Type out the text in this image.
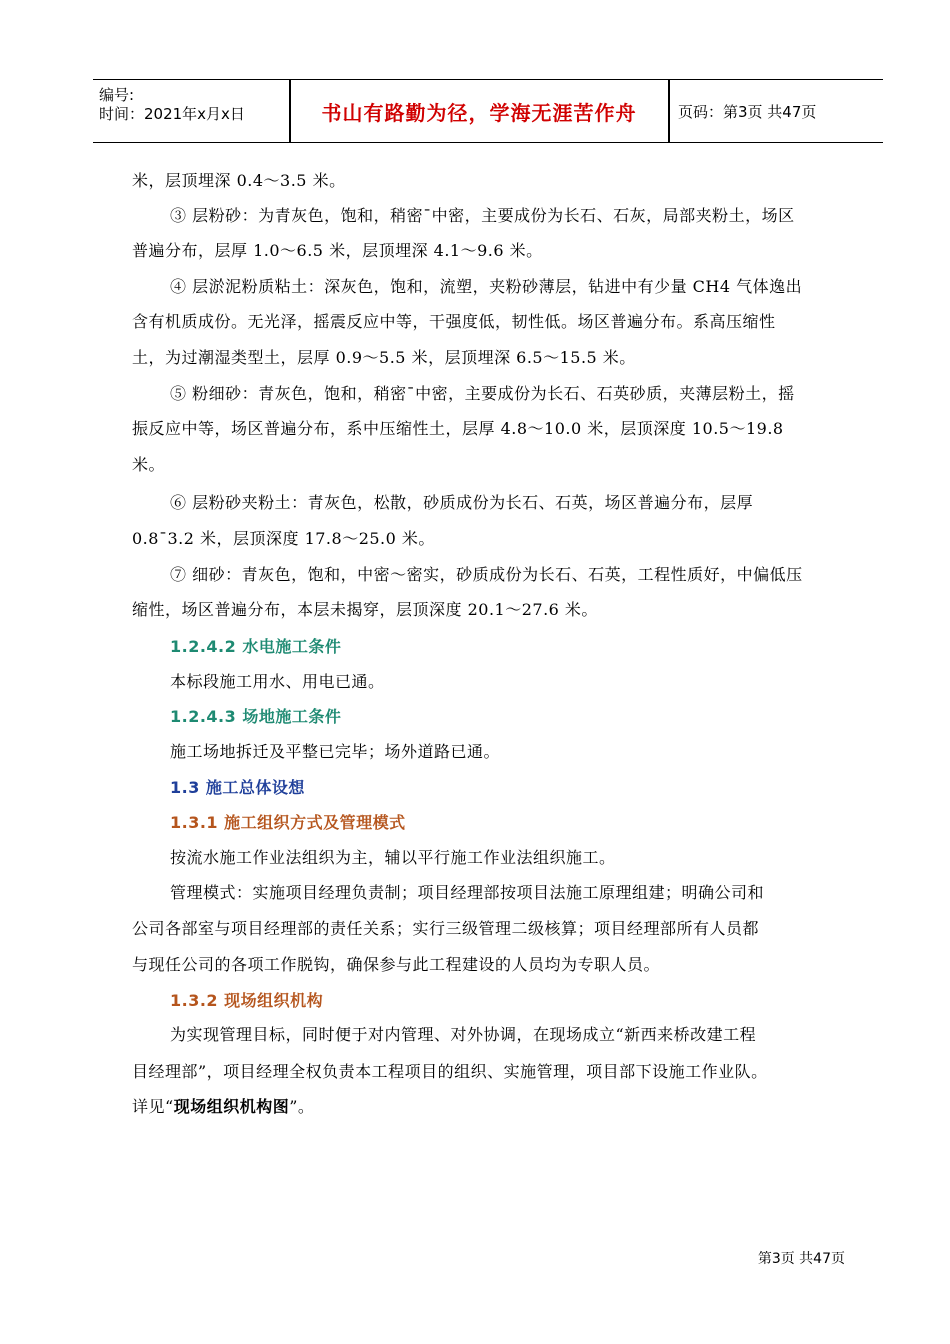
编号:
时间：2021年x月x日	书山有路勤为径，学海无涯苦作舟	页码：第3页 共47页
米，层顶埋深 0.4～3.5 米。
③ 层粉砂：为青灰色，饱和，稍密¯中密，主要成份为长石、石灰，局部夹粉土，场区
普遍分布，层厚 1.0～6.5 米，层顶埋深 4.1～9.6 米。
④ 层淤泥粉质粘土：深灰色，饱和，流塑，夹粉砂薄层，钻进中有少量 CH4 气体逸出
含有机质成份。无光泽，摇震反应中等，干强度低，韧性低。场区普遍分布。系高压缩性
土，为过潮湿类型土，层厚 0.9～5.5 米，层顶埋深 6.5～15.5 米。
⑤ 粉细砂：青灰色，饱和，稍密¯中密，主要成份为长石、石英砂质，夹薄层粉土，摇
振反应中等，场区普遍分布，系中压缩性土，层厚 4.8～10.0 米，层顶深度 10.5～19.8
米。
⑥ 层粉砂夹粉土：青灰色，松散，砂质成份为长石、石英，场区普遍分布，层厚
0.8¯3.2 米，层顶深度 17.8～25.0 米。
⑦ 细砂：青灰色，饱和，中密～密实，砂质成份为长石、石英，工程性质好，中偏低压
缩性，场区普遍分布，本层未揭穿，层顶深度 20.1～27.6 米。
1.2.4.2 水电施工条件
本标段施工用水、用电已通。
1.2.4.3 场地施工条件
施工场地拆迁及平整已完毕；场外道路已通。
1.3 施工总体设想
1.3.1 施工组织方式及管理模式
按流水施工作业法组织为主，辅以平行施工作业法组织施工。
管理模式：实施项目经理负责制；项目经理部按项目法施工原理组建；明确公司和
公司各部室与项目经理部的责任关系；实行三级管理二级核算；项目经理部所有人员都
与现任公司的各项工作脱钩，确保参与此工程建设的人员均为专职人员。
1.3.2 现场组织机构
为实现管理目标，同时便于对内管理、对外协调，在现场成立“新西来桥改建工程
目经理部”，项目经理全权负责本工程项目的组织、实施管理，项目部下设施工作业队。
详见“现场组织机构图”。
第3页 共47页
